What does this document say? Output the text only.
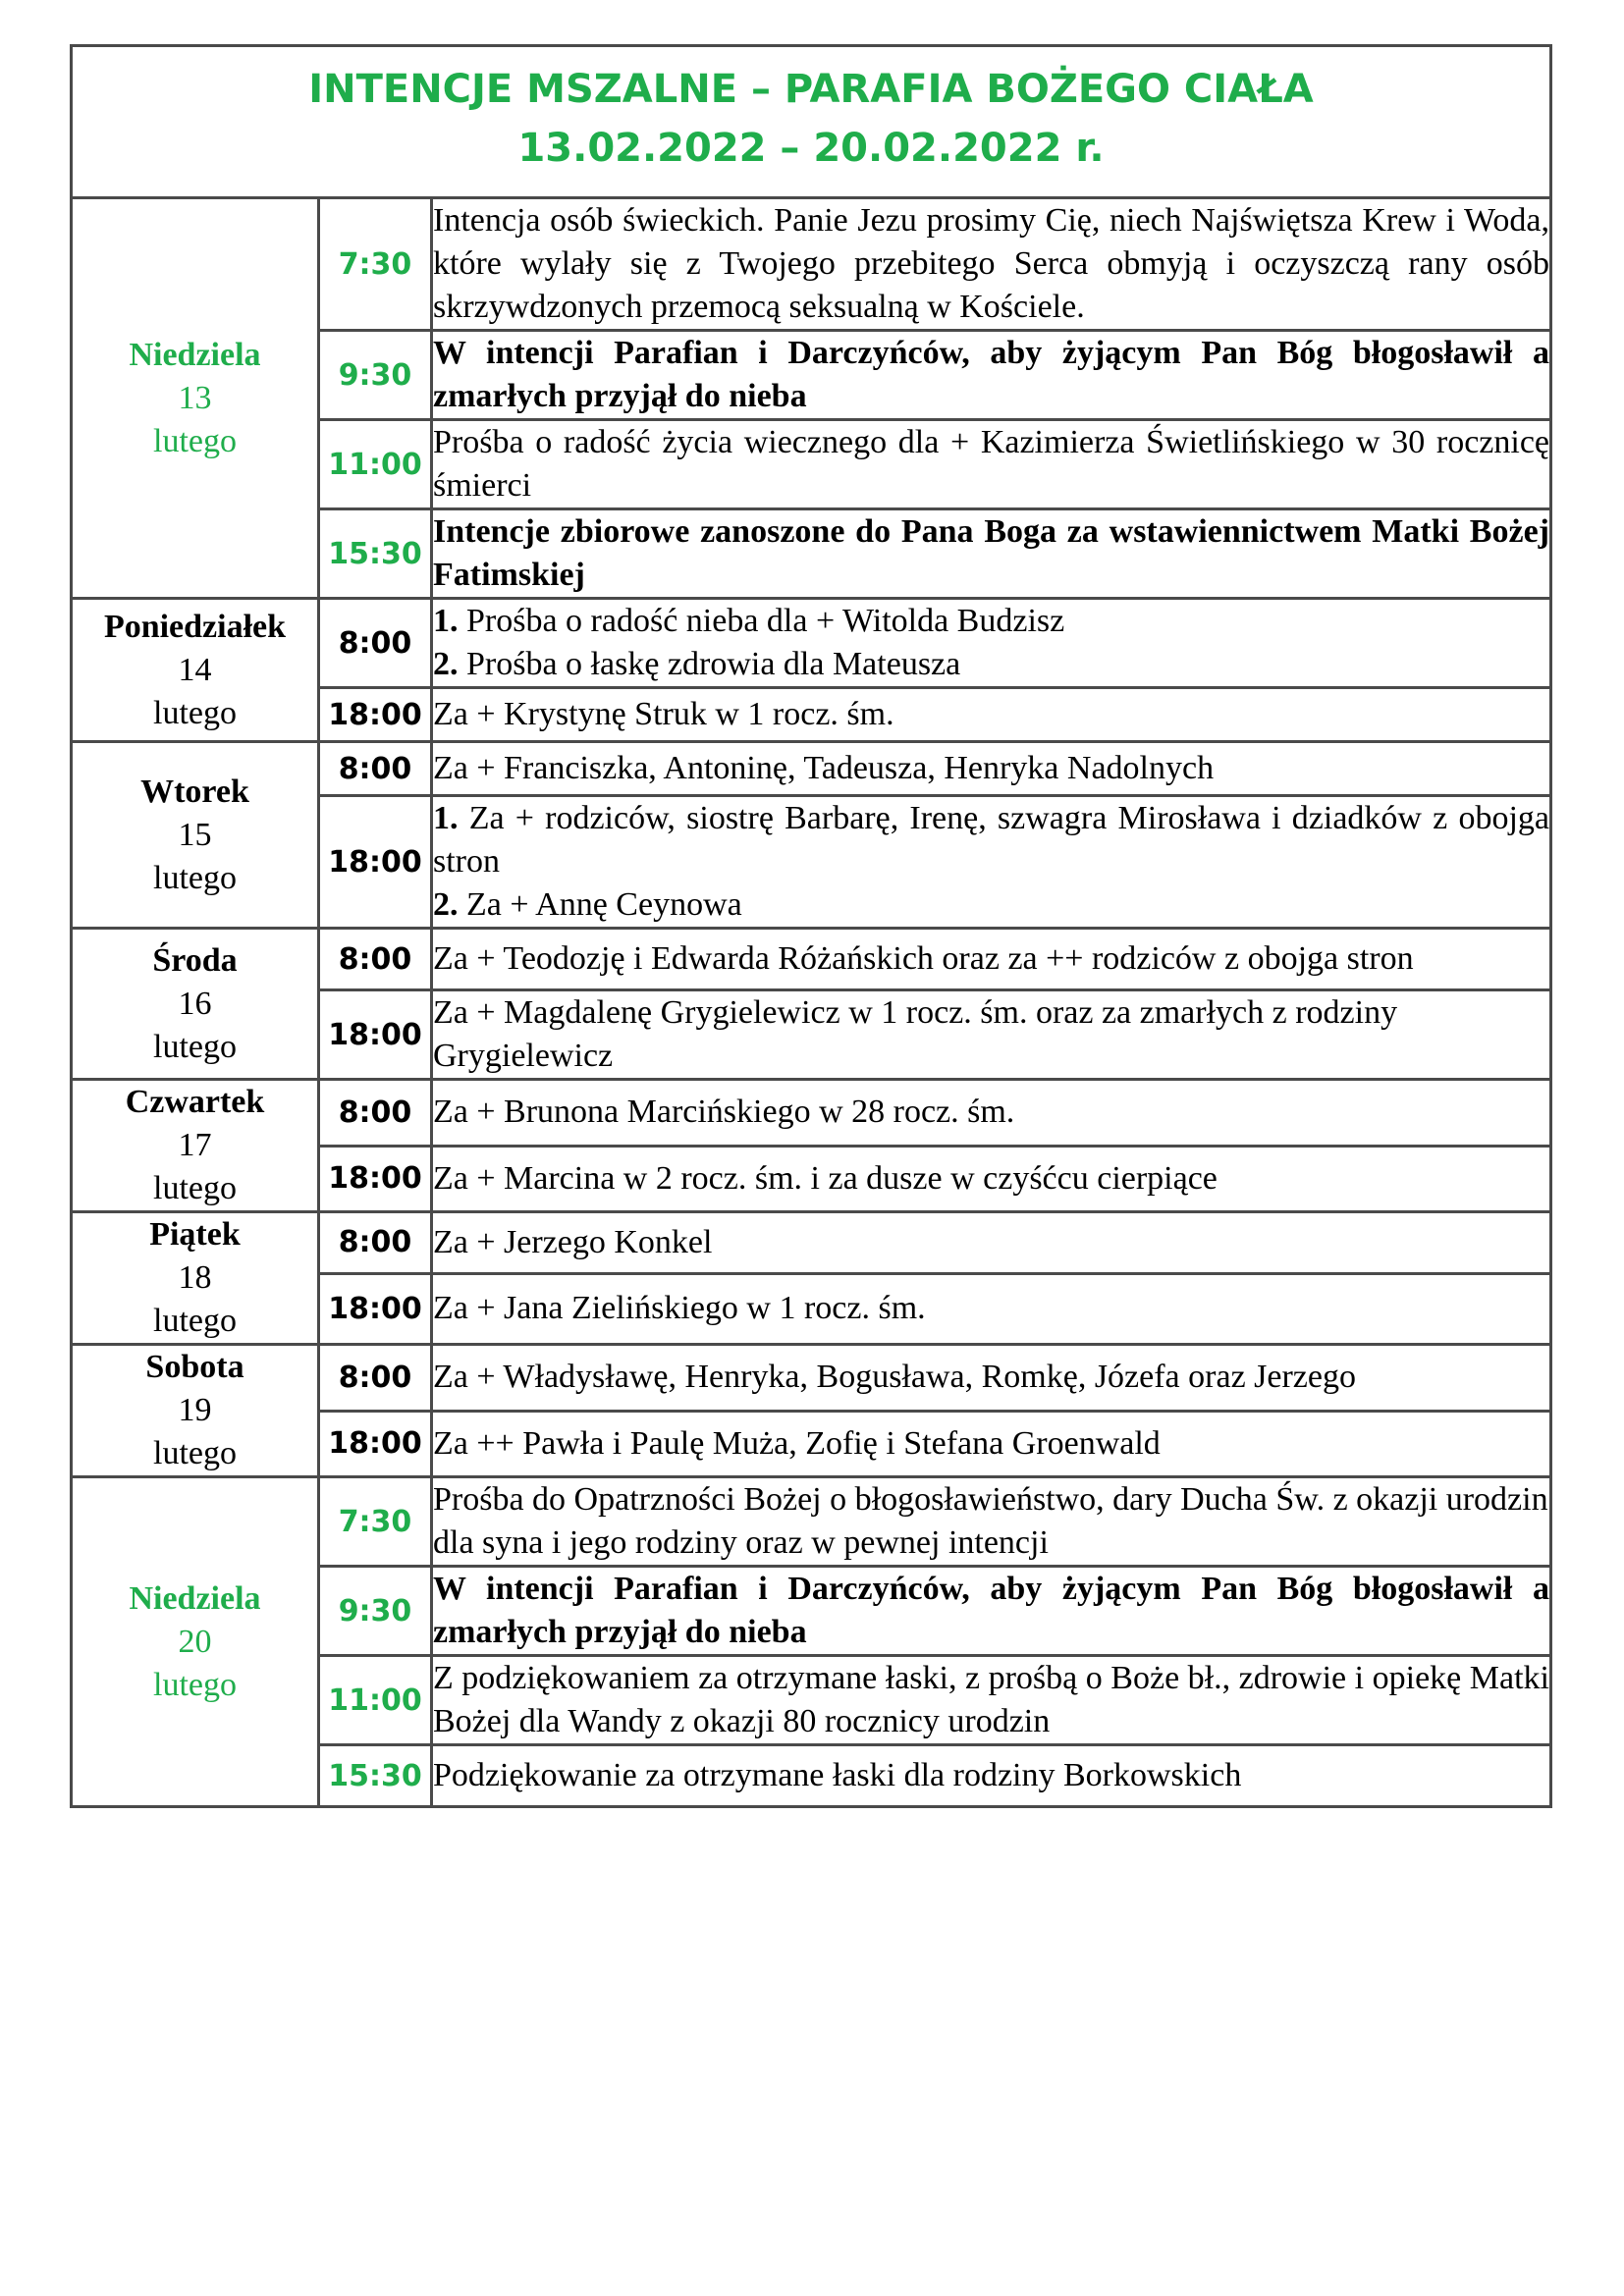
INTENCJE MSZALNE – PARAFIA BOŻEGO CIAŁA
13.02.2022 – 20.02.2022 r.
Niedziela
13
lutego	7:30	Intencja osób świeckich. Panie Jezu prosimy Cię, niech Najświętsza Krew i Woda, które wylały się z Twojego przebitego Serca obmyją i oczyszczą rany osób skrzywdzonych przemocą seksualną w Kościele.
	9:30	W intencji Parafian i Darczyńców, aby żyjącym Pan Bóg błogosławił a zmarłych przyjął do nieba
	11:00	Prośba o radość życia wiecznego dla + Kazimierza Świetlińskiego w 30 rocznicę śmierci
	15:30	Intencje zbiorowe zanoszone do Pana Boga za wstawiennictwem Matki Bożej Fatimskiej

Poniedziałek
14
lutego	8:00	1. Prośba o radość nieba dla + Witolda Budzisz
2. Prośba o łaskę zdrowia dla Mateusza

	18:00	Za + Krystynę Struk w 1 rocz. śm.

Wtorek
15
lutego	8:00	Za + Franciszka, Antoninę, Tadeusza, Henryka Nadolnych
	18:00	1. Za + rodziców, siostrę Barbarę, Irenę, szwagra Mirosława i dziadków z obojga stron
2. Za + Annę Ceynowa

Środa
16
lutego	8:00	Za + Teodozję i Edwarda Różańskich oraz za ++ rodziców z obojga stron
	18:00	Za + Magdalenę Grygielewicz w 1 rocz. śm. oraz za zmarłych z rodziny Grygielewicz

Czwartek
17
lutego	8:00	Za + Brunona Marcińskiego w 28 rocz. śm.
	18:00	Za + Marcina w 2 rocz. śm. i za dusze w czyśćcu cierpiące

Piątek
18
lutego	8:00	Za + Jerzego Konkel
	18:00	Za + Jana Zielińskiego w 1 rocz. śm.

Sobota
19
lutego	8:00	Za + Władysławę, Henryka, Bogusława, Romkę, Józefa oraz Jerzego
	18:00	Za ++ Pawła i Paulę Muża, Zofię i Stefana Groenwald

Niedziela
20
lutego	7:30	Prośba do Opatrzności Bożej o błogosławieństwo, dary Ducha Św. z okazji urodzin dla syna i jego rodziny oraz w pewnej intencji
	9:30	W intencji Parafian i Darczyńców, aby żyjącym Pan Bóg błogosławił a zmarłych przyjął do nieba
	11:00	Z podziękowaniem za otrzymane łaski, z prośbą o Boże bł., zdrowie i opiekę Matki Bożej dla Wandy z okazji 80 rocznicy urodzin
	15:30	Podziękowanie za otrzymane łaski dla rodziny Borkowskich
